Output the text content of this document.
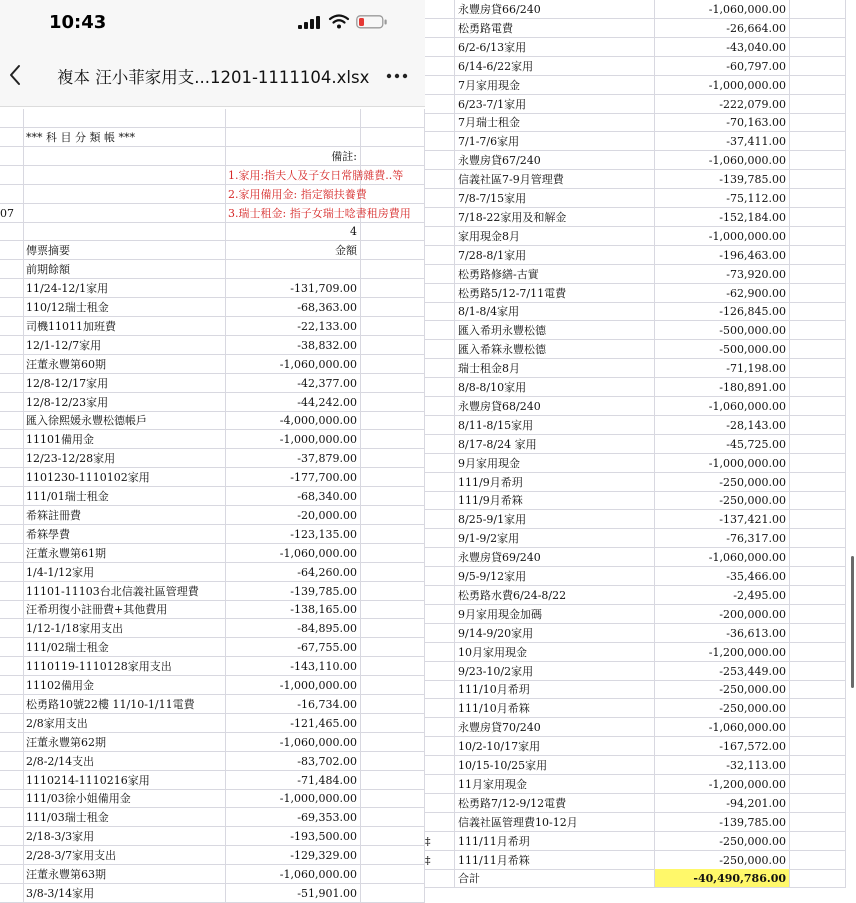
10:43
複本 汪小菲家用支...1201-1111104.xlsx
*** 科 目 分 類 帳 ***
備註:
1.家用:指夫人及子女日常膳雜費..等
2.家用備用金: 指定額扶養費
07	3.瑞士租金: 指子女瑞士唸書租房費用
4
傳票摘要	金額
前期餘額
11/24-12/1家用	-131,709.00
110/12瑞士租金	-68,363.00
司機11011加班費	-22,133.00
12/1-12/7家用	-38,832.00
汪董永豐第60期	-1,060,000.00
12/8-12/17家用	-42,377.00
12/8-12/23家用	-44,242.00
匯入徐熙媛永豐松德帳戶	-4,000,000.00
11101備用金	-1,000,000.00
12/23-12/28家用	-37,879.00
1101230-1110102家用	-177,700.00
111/01瑞士租金	-68,340.00
希箖註冊費	-20,000.00
希箖學費	-123,135.00
汪董永豐第61期	-1,060,000.00
1/4-1/12家用	-64,260.00
11101-11103台北信義社區管理費	-139,785.00
汪希玥復小註冊費+其他費用	-138,165.00
1/12-1/18家用支出	-84,895.00
111/02瑞士租金	-67,755.00
1110119-1110128家用支出	-143,110.00
11102備用金	-1,000,000.00
松勇路10號22樓 11/10-1/11電費	-16,734.00
2/8家用支出	-121,465.00
汪董永豐第62期	-1,060,000.00
2/8-2/14支出	-83,702.00
1110214-1110216家用	-71,484.00
111/03徐小姐備用金	-1,000,000.00
111/03瑞士租金	-69,353.00
2/18-3/3家用	-193,500.00
2/28-3/7家用支出	-129,329.00
汪董永豐第63期	-1,060,000.00
3/8-3/14家用	-51,901.00
永豐房貸66/240	-1,060,000.00
松勇路電費	-26,664.00
6/2-6/13家用	-43,040.00
6/14-6/22家用	-60,797.00
7月家用現金	-1,000,000.00
6/23-7/1家用	-222,079.00
7月瑞士租金	-70,163.00
7/1-7/6家用	-37,411.00
永豐房貸67/240	-1,060,000.00
信義社區7-9月管理費	-139,785.00
7/8-7/15家用	-75,112.00
7/18-22家用及和解金	-152,184.00
家用現金8月	-1,000,000.00
7/28-8/1家用	-196,463.00
松勇路修繕-古實	-73,920.00
松勇路5/12-7/11電費	-62,900.00
8/1-8/4家用	-126,845.00
匯入希玥永豐松德	-500,000.00
匯入希箖永豐松德	-500,000.00
瑞士租金8月	-71,198.00
8/8-8/10家用	-180,891.00
永豐房貸68/240	-1,060,000.00
8/11-8/15家用	-28,143.00
8/17-8/24 家用	-45,725.00
9月家用現金	-1,000,000.00
111/9月希玥	-250,000.00
111/9月希箖	-250,000.00
8/25-9/1家用	-137,421.00
9/1-9/2家用	-76,317.00
永豐房貸69/240	-1,060,000.00
9/5-9/12家用	-35,466.00
松勇路水費6/24-8/22	-2,495.00
9月家用現金加碼	-200,000.00
9/14-9/20家用	-36,613.00
10月家用現金	-1,200,000.00
9/23-10/2家用	-253,449.00
111/10月希玥	-250,000.00
111/10月希箖	-250,000.00
永豐房貸70/240	-1,060,000.00
10/2-10/17家用	-167,572.00
10/15-10/25家用	-32,113.00
11月家用現金	-1,200,000.00
松勇路7/12-9/12電費	-94,201.00
信義社區管理費10-12月	-139,785.00
‡	111/11月希玥	-250,000.00
‡	111/11月希箖	-250,000.00
合計	-40,490,786.00
